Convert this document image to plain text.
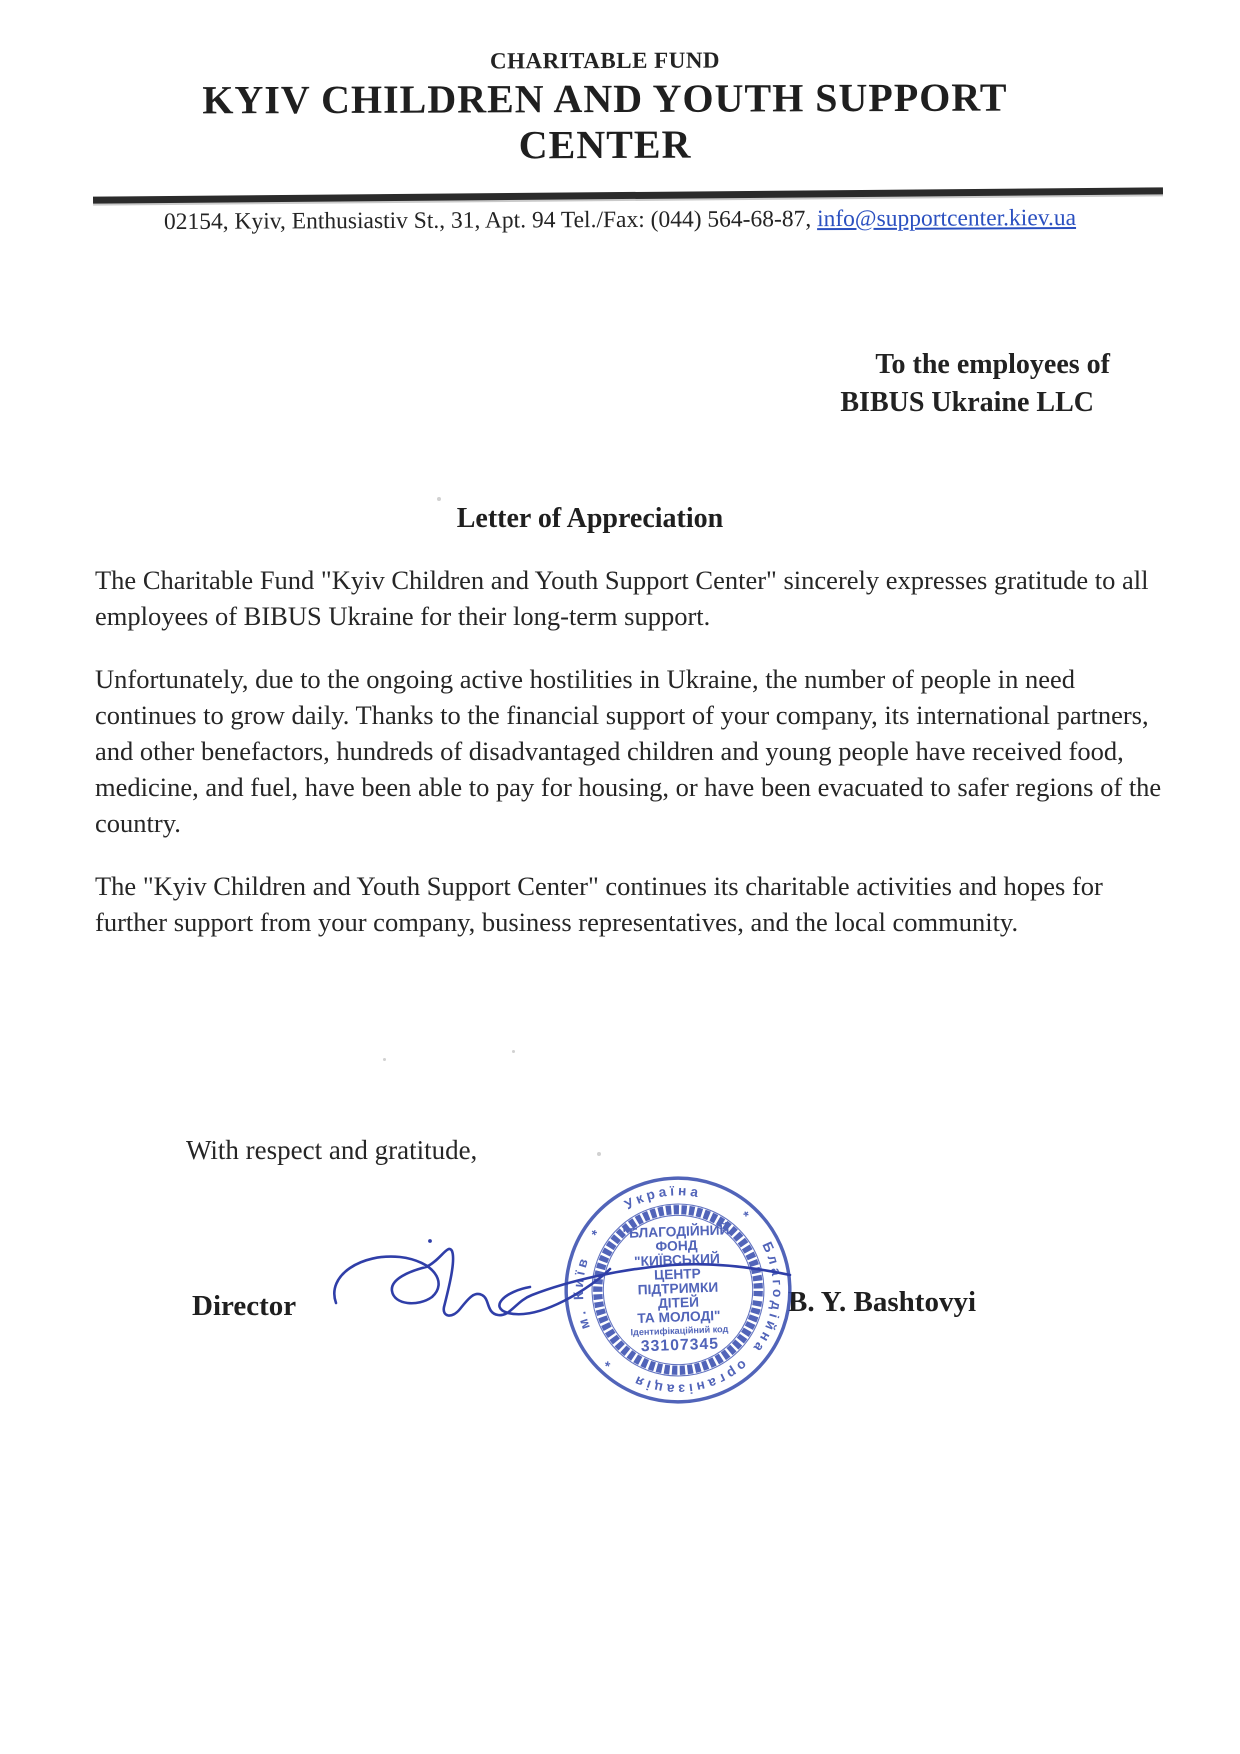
CHARITABLE FUND
KYIV CHILDREN AND YOUTH SUPPORT
CENTER
02154, Kyiv, Enthusiastiv St., 31, Apt. 94 Tel./Fax: (044) 564-68-87, info@supportcenter.kiev.ua
To the employees of
BIBUS Ukraine LLC
Letter of Appreciation

The Charitable Fund "Kyiv Children and Youth Support Center" sincerely expresses gratitude to all employees of BIBUS Ukraine for their long-term support.

Unfortunately, due to the ongoing active hostilities in Ukraine, the number of people in need continues to grow daily. Thanks to the financial support of your company, its international partners, and other benefactors, hundreds of disadvantaged children and young people have received food, medicine, and fuel, have been able to pay for housing, or have been evacuated to safer regions of the country.

The "Kyiv Children and Youth Support Center" continues its charitable activities and hopes for further support from your company, business representatives, and the local community.

With respect and gratitude,
Director	B. Y. Bashtovyi
м. Київ * Україна * Благодійна організація *
"БЛАГОДІЙНИЙ
ФОНД
"КИЇВСЬКИЙ
ЦЕНТР
ПІДТРИМКИ
ДІТЕЙ
ТА МОЛОДІ"
Ідентифікаційний код
33107345
